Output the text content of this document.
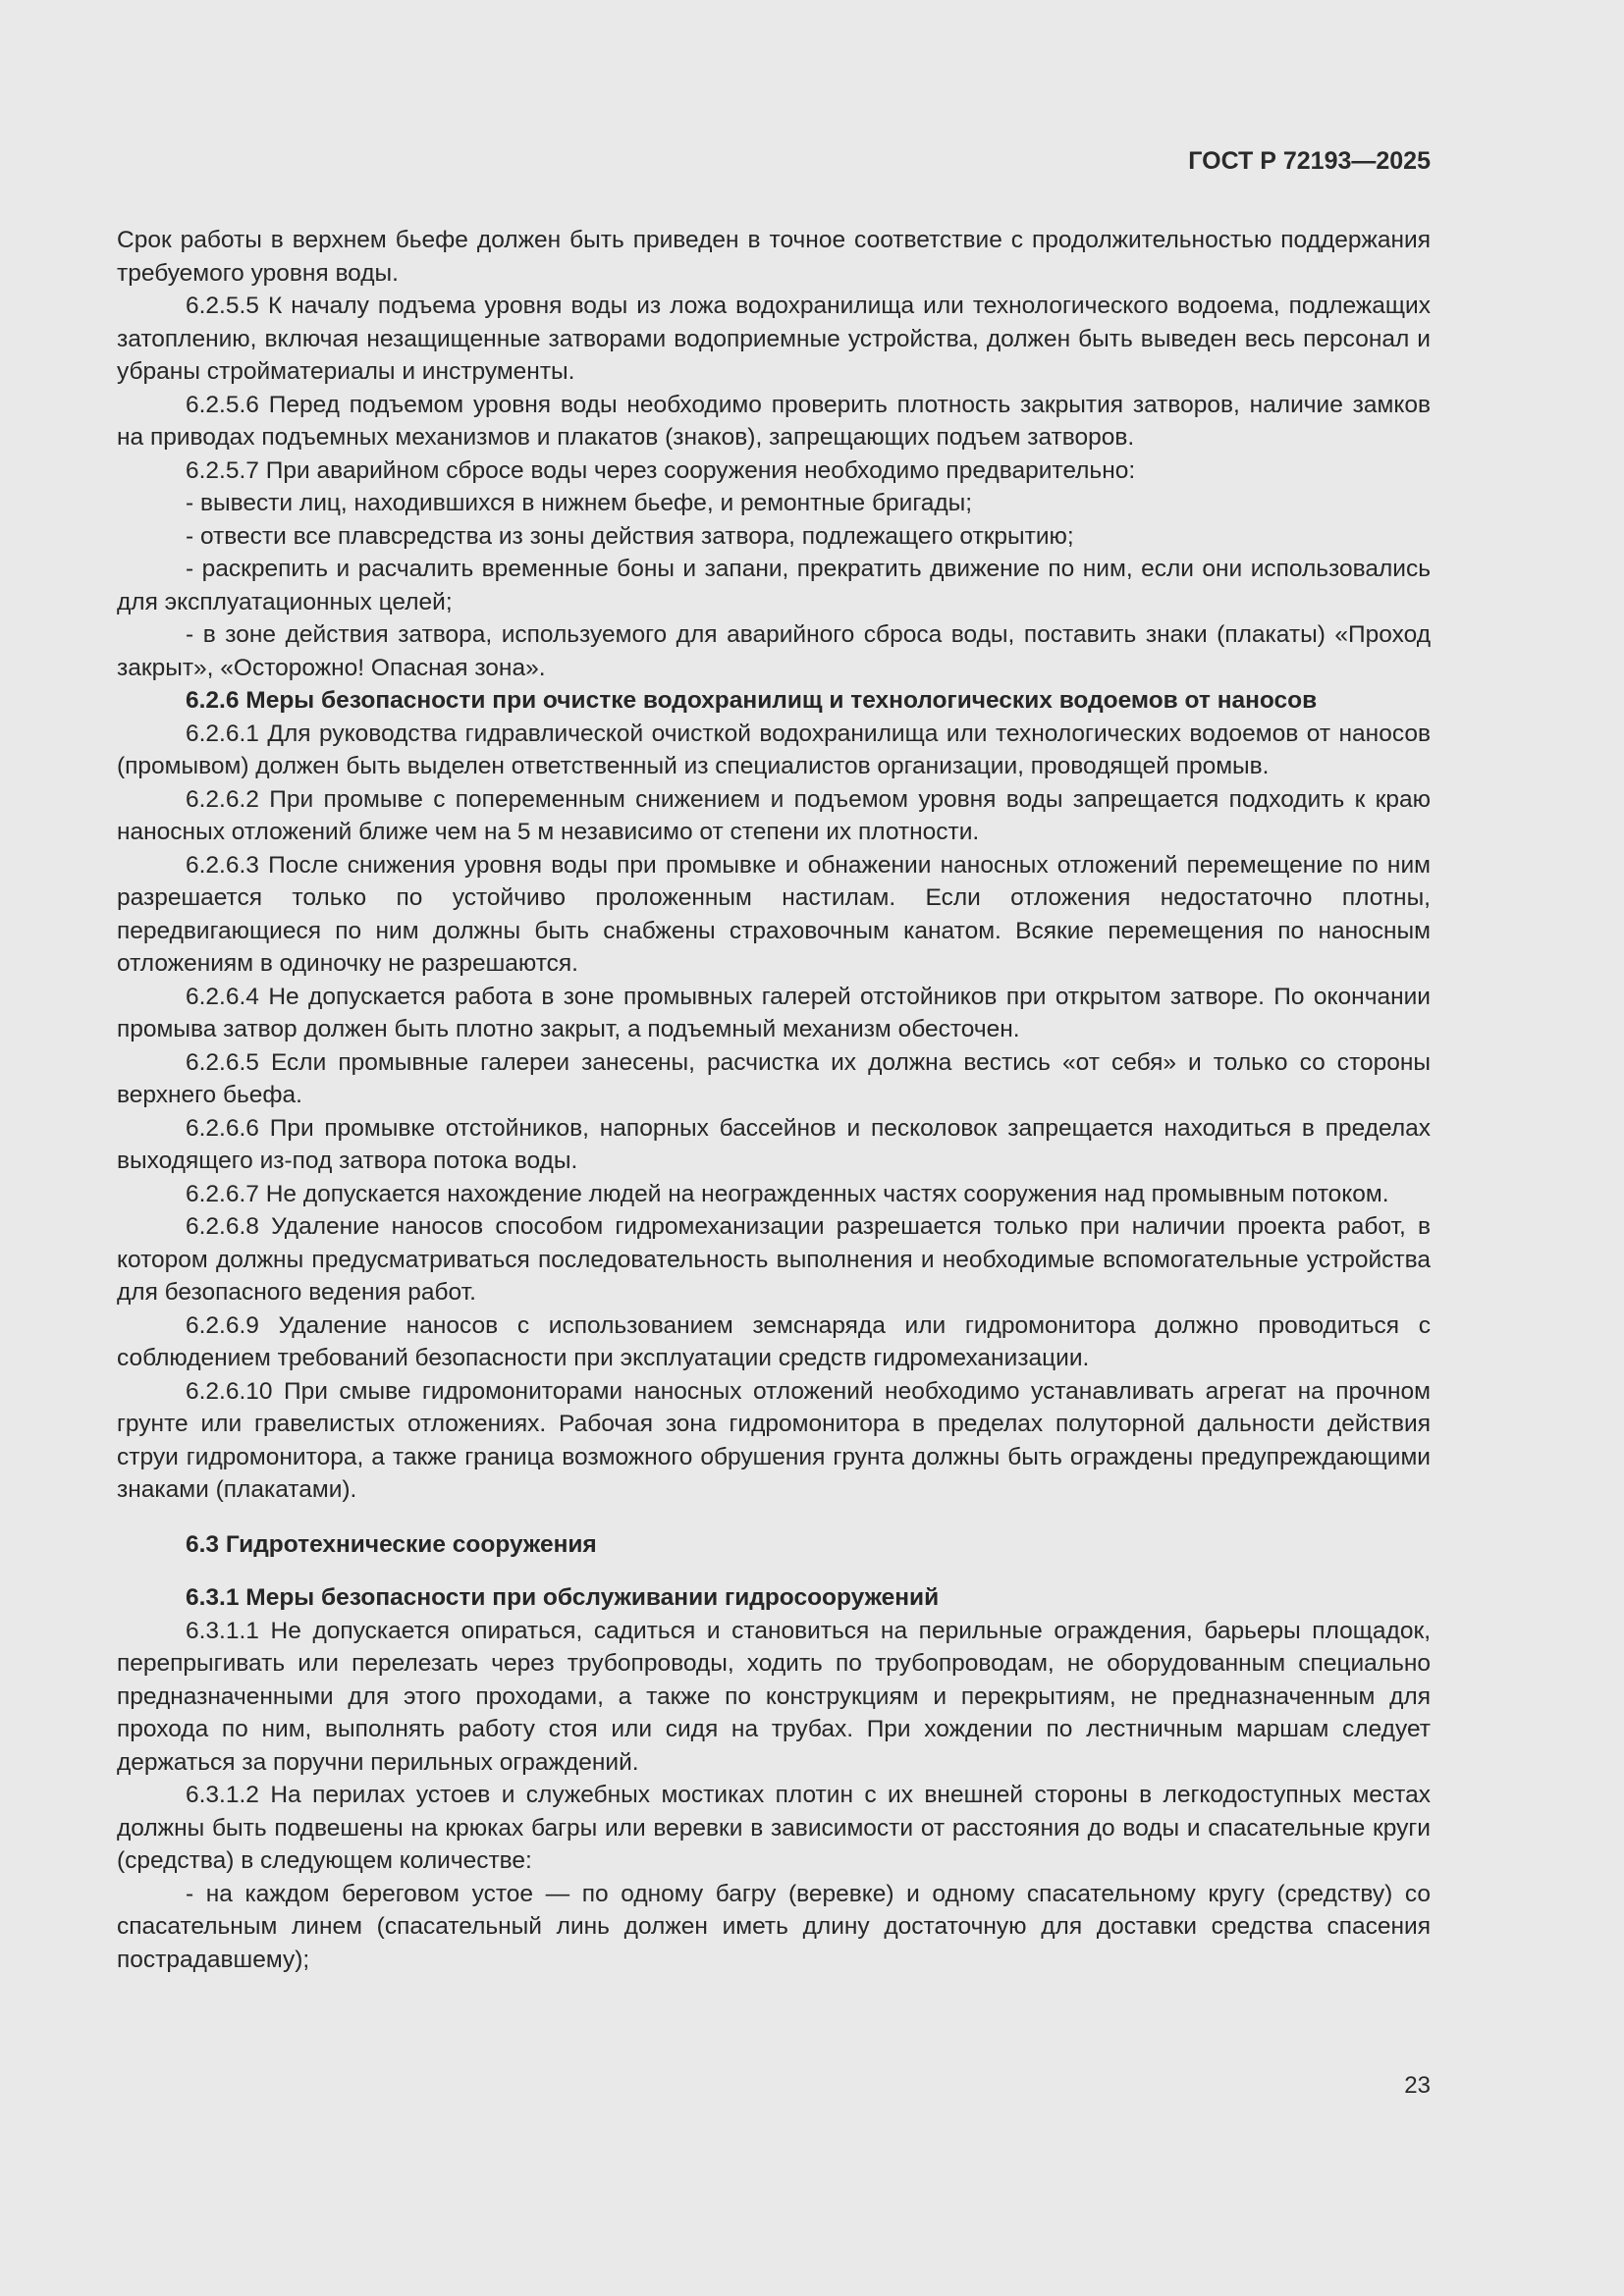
ГОСТ Р 72193—2025

Срок работы в верхнем бьефе должен быть приведен в точное соответствие с продолжительностью поддержания требуемого уровня воды.

6.2.5.5 К началу подъема уровня воды из ложа водохранилища или технологического водоема, подлежащих затоплению, включая незащищенные затворами водоприемные устройства, должен быть выведен весь персонал и убраны стройматериалы и инструменты.

6.2.5.6 Перед подъемом уровня воды необходимо проверить плотность закрытия затворов, наличие замков на приводах подъемных механизмов и плакатов (знаков), запрещающих подъем затворов.

6.2.5.7 При аварийном сбросе воды через сооружения необходимо предварительно:

- вывести лиц, находившихся в нижнем бьефе, и ремонтные бригады;

- отвести все плавсредства из зоны действия затвора, подлежащего открытию;

- раскрепить и расчалить временные боны и запани, прекратить движение по ним, если они использовались для эксплуатационных целей;

- в зоне действия затвора, используемого для аварийного сброса воды, поставить знаки (плакаты) «Проход закрыт», «Осторожно! Опасная зона».

6.2.6 Меры безопасности при очистке водохранилищ и технологических водоемов от наносов

6.2.6.1 Для руководства гидравлической очисткой водохранилища или технологических водоемов от наносов (промывом) должен быть выделен ответственный из специалистов организации, проводящей промыв.

6.2.6.2 При промыве с попеременным снижением и подъемом уровня воды запрещается подходить к краю наносных отложений ближе чем на 5 м независимо от степени их плотности.

6.2.6.3 После снижения уровня воды при промывке и обнажении наносных отложений перемещение по ним разрешается только по устойчиво проложенным настилам. Если отложения недостаточно плотны, передвигающиеся по ним должны быть снабжены страховочным канатом. Всякие перемещения по наносным отложениям в одиночку не разрешаются.

6.2.6.4 Не допускается работа в зоне промывных галерей отстойников при открытом затворе. По окончании промыва затвор должен быть плотно закрыт, а подъемный механизм обесточен.

6.2.6.5 Если промывные галереи занесены, расчистка их должна вестись «от себя» и только со стороны верхнего бьефа.

6.2.6.6 При промывке отстойников, напорных бассейнов и песколовок запрещается находиться в пределах выходящего из-под затвора потока воды.

6.2.6.7 Не допускается нахождение людей на неогражденных частях сооружения над промывным потоком.

6.2.6.8 Удаление наносов способом гидромеханизации разрешается только при наличии проекта работ, в котором должны предусматриваться последовательность выполнения и необходимые вспомогательные устройства для безопасного ведения работ.

6.2.6.9 Удаление наносов с использованием земснаряда или гидромонитора должно проводиться с соблюдением требований безопасности при эксплуатации средств гидромеханизации.

6.2.6.10 При смыве гидромониторами наносных отложений необходимо устанавливать агрегат на прочном грунте или гравелистых отложениях. Рабочая зона гидромонитора в пределах полуторной дальности действия струи гидромонитора, а также граница возможного обрушения грунта должны быть ограждены предупреждающими знаками (плакатами).

6.3 Гидротехнические сооружения

6.3.1 Меры безопасности при обслуживании гидросооружений

6.3.1.1 Не допускается опираться, садиться и становиться на перильные ограждения, барьеры площадок, перепрыгивать или перелезать через трубопроводы, ходить по трубопроводам, не оборудованным специально предназначенными для этого проходами, а также по конструкциям и перекрытиям, не предназначенным для прохода по ним, выполнять работу стоя или сидя на трубах. При хождении по лестничным маршам следует держаться за поручни перильных ограждений.

6.3.1.2 На перилах устоев и служебных мостиках плотин с их внешней стороны в легкодоступных местах должны быть подвешены на крюках багры или веревки в зависимости от расстояния до воды и спасательные круги (средства) в следующем количестве:

- на каждом береговом устое — по одному багру (веревке) и одному спасательному кругу (средству) со спасательным линем (спасательный линь должен иметь длину достаточную для доставки средства спасения пострадавшему);

23
